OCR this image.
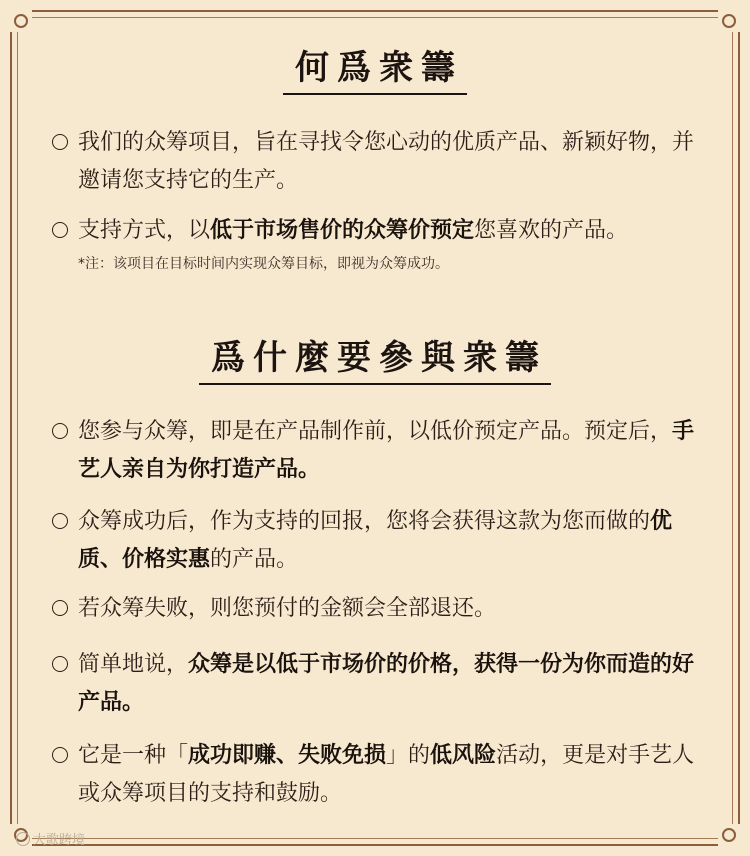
何爲衆籌
我们的众筹项目，旨在寻找令您心动的优质产品、新颖好物，并邀请您支持它的生产。
支持方式，以低于市场售价的众筹价预定您喜欢的产品。
*注：该项目在目标时间内实现众筹目标，即视为众筹成功。
爲什麼要參與衆籌
您参与众筹，即是在产品制作前，以低价预定产品。预定后，手艺人亲自为你打造产品。
众筹成功后，作为支持的回报，您将会获得这款为您而做的优质、价格实惠的产品。
若众筹失败，则您预付的金额会全部退还。
简单地说，众筹是以低于市场价的价格，获得一份为你而造的好产品。
它是一种「成功即赚、失败免损」的低风险活动，更是对手艺人或众筹项目的支持和鼓励。
大歌跨境
